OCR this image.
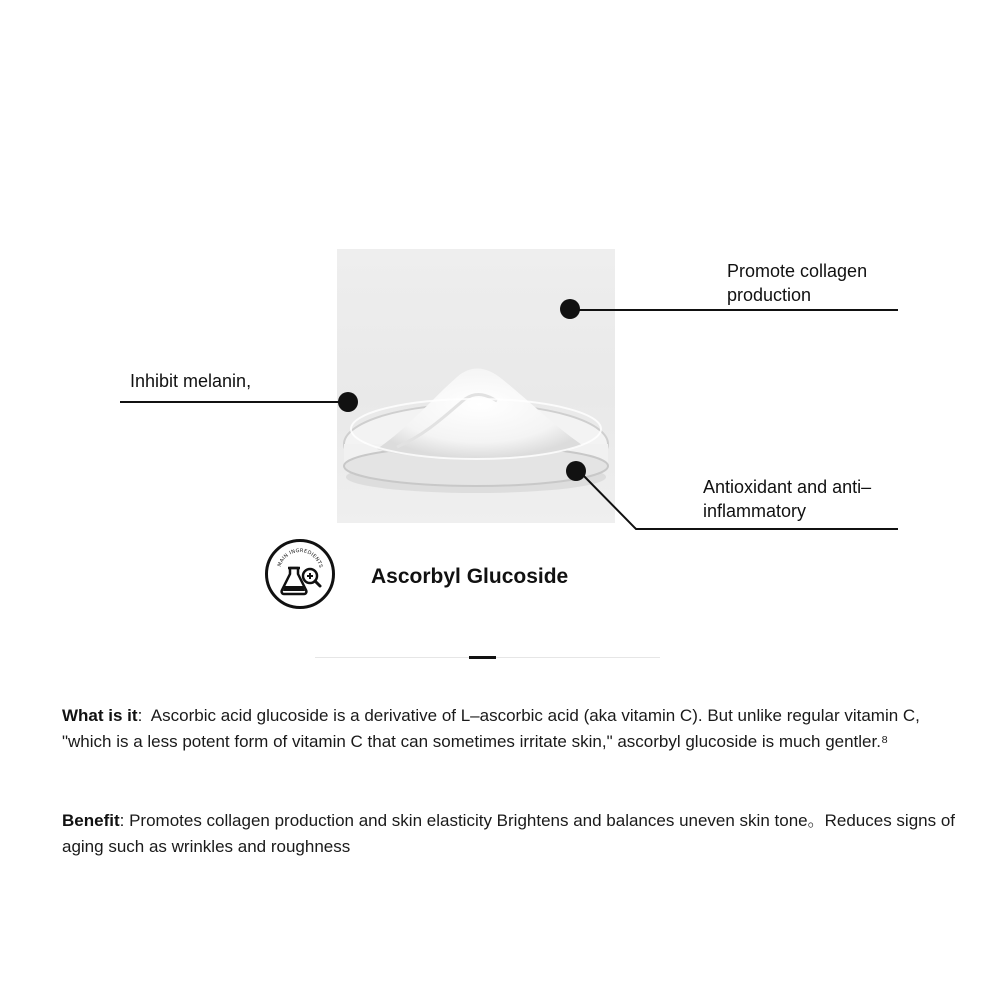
Promote collagen production
Inhibit melanin,
Antioxidant and anti–inflammatory
MAIN INGREDIENTS Ascorbyl Glucoside
What is it:  Ascorbic acid glucoside is a derivative of L–ascorbic acid (aka vitamin C). But unlike regular vitamin C, "which is a less potent form of vitamin C that can sometimes irritate skin," ascorbyl glucoside is much gentler.⁸
Benefit: Promotes collagen production and skin elasticity Brightens and balances uneven skin tone。Reduces signs of aging such as wrinkles and roughness
